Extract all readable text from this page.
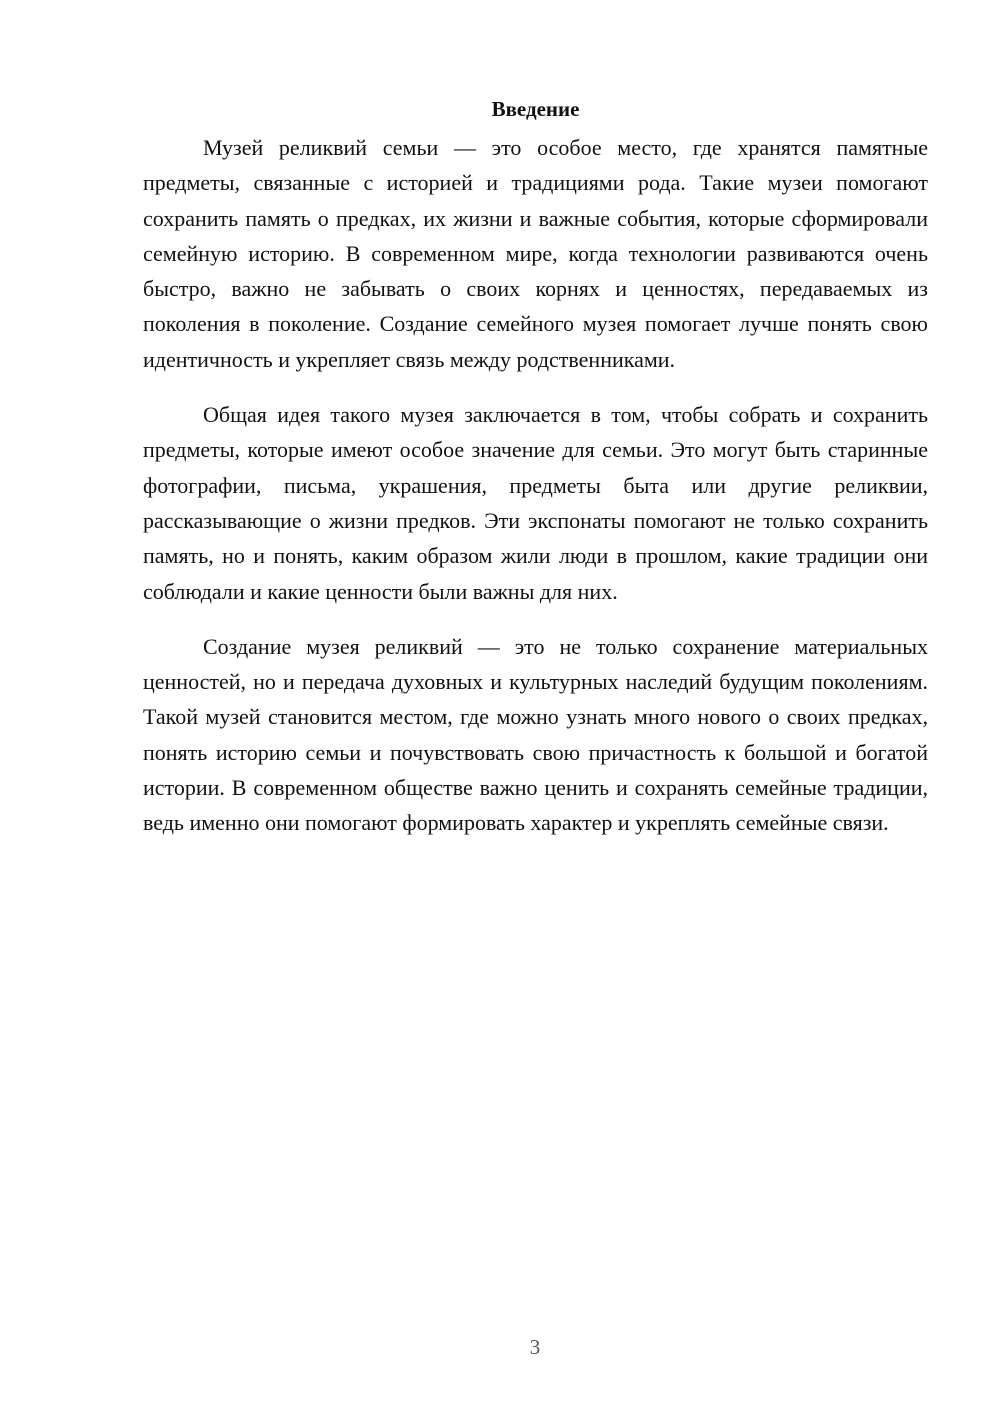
Введение

Музей реликвий семьи — это особое место, где хранятся памятные предметы, связанные с историей и традициями рода. Такие музеи помогают сохранить память о предках, их жизни и важные события, которые сформировали семейную историю. В современном мире, когда технологии развиваются очень быстро, важно не забывать о своих корнях и ценностях, передаваемых из поколения в поколение. Создание семейного музея помогает лучше понять свою идентичность и укрепляет связь между родственниками.

Общая идея такого музея заключается в том, чтобы собрать и сохранить предметы, которые имеют особое значение для семьи. Это могут быть старинные фотографии, письма, украшения, предметы быта или другие реликвии, рассказывающие о жизни предков. Эти экспонаты помогают не только сохранить память, но и понять, каким образом жили люди в прошлом, какие традиции они соблюдали и какие ценности были важны для них.

Создание музея реликвий — это не только сохранение материальных ценностей, но и передача духовных и культурных наследий будущим поколениям. Такой музей становится местом, где можно узнать много нового о своих предках, понять историю семьи и почувствовать свою причастность к большой и богатой истории. В современном обществе важно ценить и сохранять семейные традиции, ведь именно они помогают формировать характер и укреплять семейные связи.

3
